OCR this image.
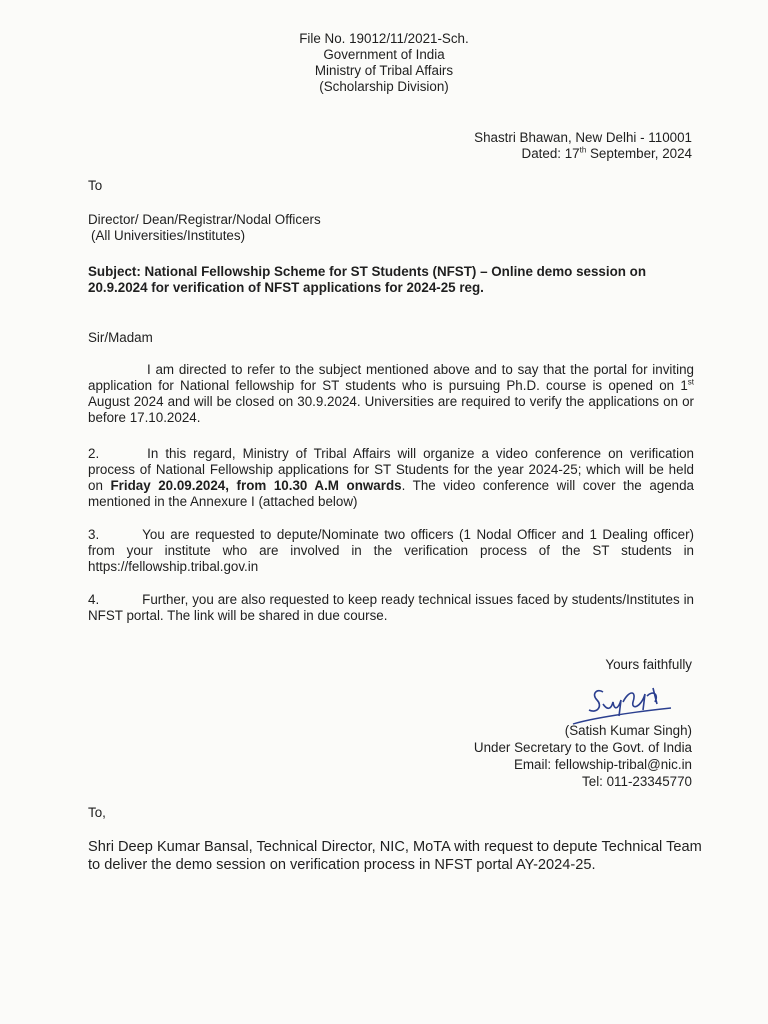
File No. 19012/11/2021-Sch.
Government of India
Ministry of Tribal Affairs
(Scholarship Division)
Shastri Bhawan, New Delhi - 110001
Dated: 17th September, 2024
To
Director/ Dean/Registrar/Nodal Officers
(All Universities/Institutes)
Subject: National Fellowship Scheme for ST Students (NFST) – Online demo session on 20.9.2024 for verification of NFST applications for 2024-25 reg.
Sir/Madam
I am directed to refer to the subject mentioned above and to say that the portal for inviting application for National fellowship for ST students who is pursuing Ph.D. course is opened on 1st August 2024 and will be closed on 30.9.2024. Universities are required to verify the applications on or before 17.10.2024.
2.	In this regard, Ministry of Tribal Affairs will organize a video conference on verification process of National Fellowship applications for ST Students for the year 2024-25; which will be held on Friday 20.09.2024, from 10.30 A.M onwards. The video conference will cover the agenda mentioned in the Annexure I (attached below)
3.	You are requested to depute/Nominate two officers (1 Nodal Officer and 1 Dealing officer) from your institute who are involved in the verification process of the ST students in https://fellowship.tribal.gov.in
4.	Further, you are also requested to keep ready technical issues faced by students/Institutes in NFST portal. The link will be shared in due course.
Yours faithfully
(Satish Kumar Singh)
Under Secretary to the Govt. of India
Email: fellowship-tribal@nic.in
Tel: 011-23345770
To,
Shri Deep Kumar Bansal, Technical Director, NIC, MoTA with request to depute Technical Team to deliver the demo session on verification process in NFST portal AY-2024-25.
